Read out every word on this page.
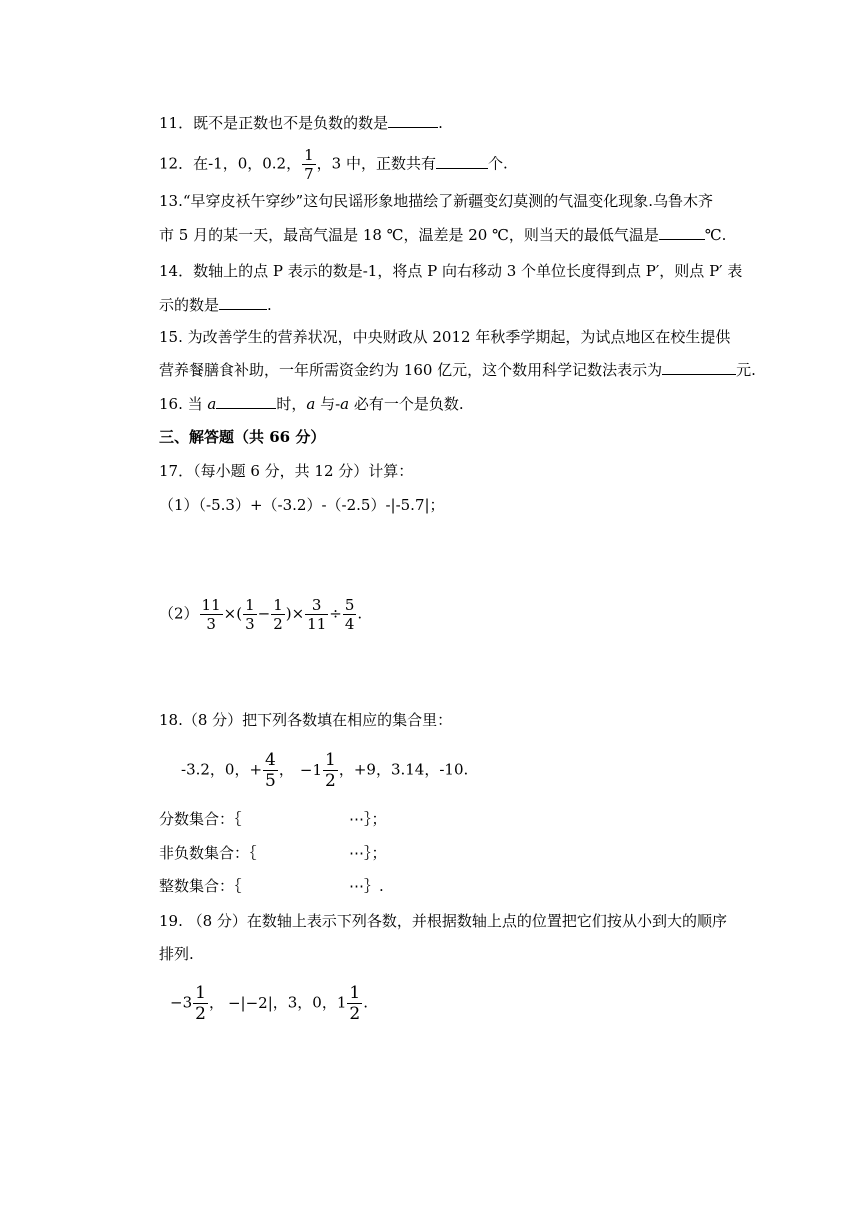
11．既不是正数也不是负数的数是	.
12．在-1，0，0.2， $\frac{1}{7}$ ，3 中，正数共有	个.
13.“早穿皮袄午穿纱”这句民谣形象地描绘了新疆变幻莫测的气温变化现象.乌鲁木齐
市 5 月的某一天，最高气温是 18 ℃，温差是 20 ℃，则当天的最低气温是	℃.
14．数轴上的点 P 表示的数是-1，将点 P 向右移动 3 个单位长度得到点 P′，则点 P′ 表
示的数是	.
15. 为改善学生的营养状况，中央财政从 2012 年秋季学期起，为试点地区在校生提供
营养餐膳食补助，一年所需资金约为 160 亿元，这个数用科学记数法表示为	元.
16. 当 a	时，a 与-a 必有一个是负数.
三、解答题（共 66 分）
17．（每小题 6 分，共 12 分）计算：
（1）（-5.3）+（-3.2）-（-2.5）-|-5.7|；
$(2) \frac{11}{3}$ ×( $\frac{1}{3} - \frac{1}{2}$ )× $\frac{3}{11} \div \frac{5}{4}$ .
18.（8 分）把下列各数填在相应的集合里：
-3.2，0，+ $\frac{4}{5}$ ， $-1 \frac{1}{2}$ ，+9，3.14，-10.
分数集合：｛	⋯｝；
非负数集合：｛	⋯｝；
整数集合：｛	⋯｝.
19. （8 分）在数轴上表示下列各数，并根据数轴上点的位置把它们按从小到大的顺序
排列.
$-3 \frac{1}{2}$ ， −|−2|，3，0，$1 \frac{1}{2}$ .
